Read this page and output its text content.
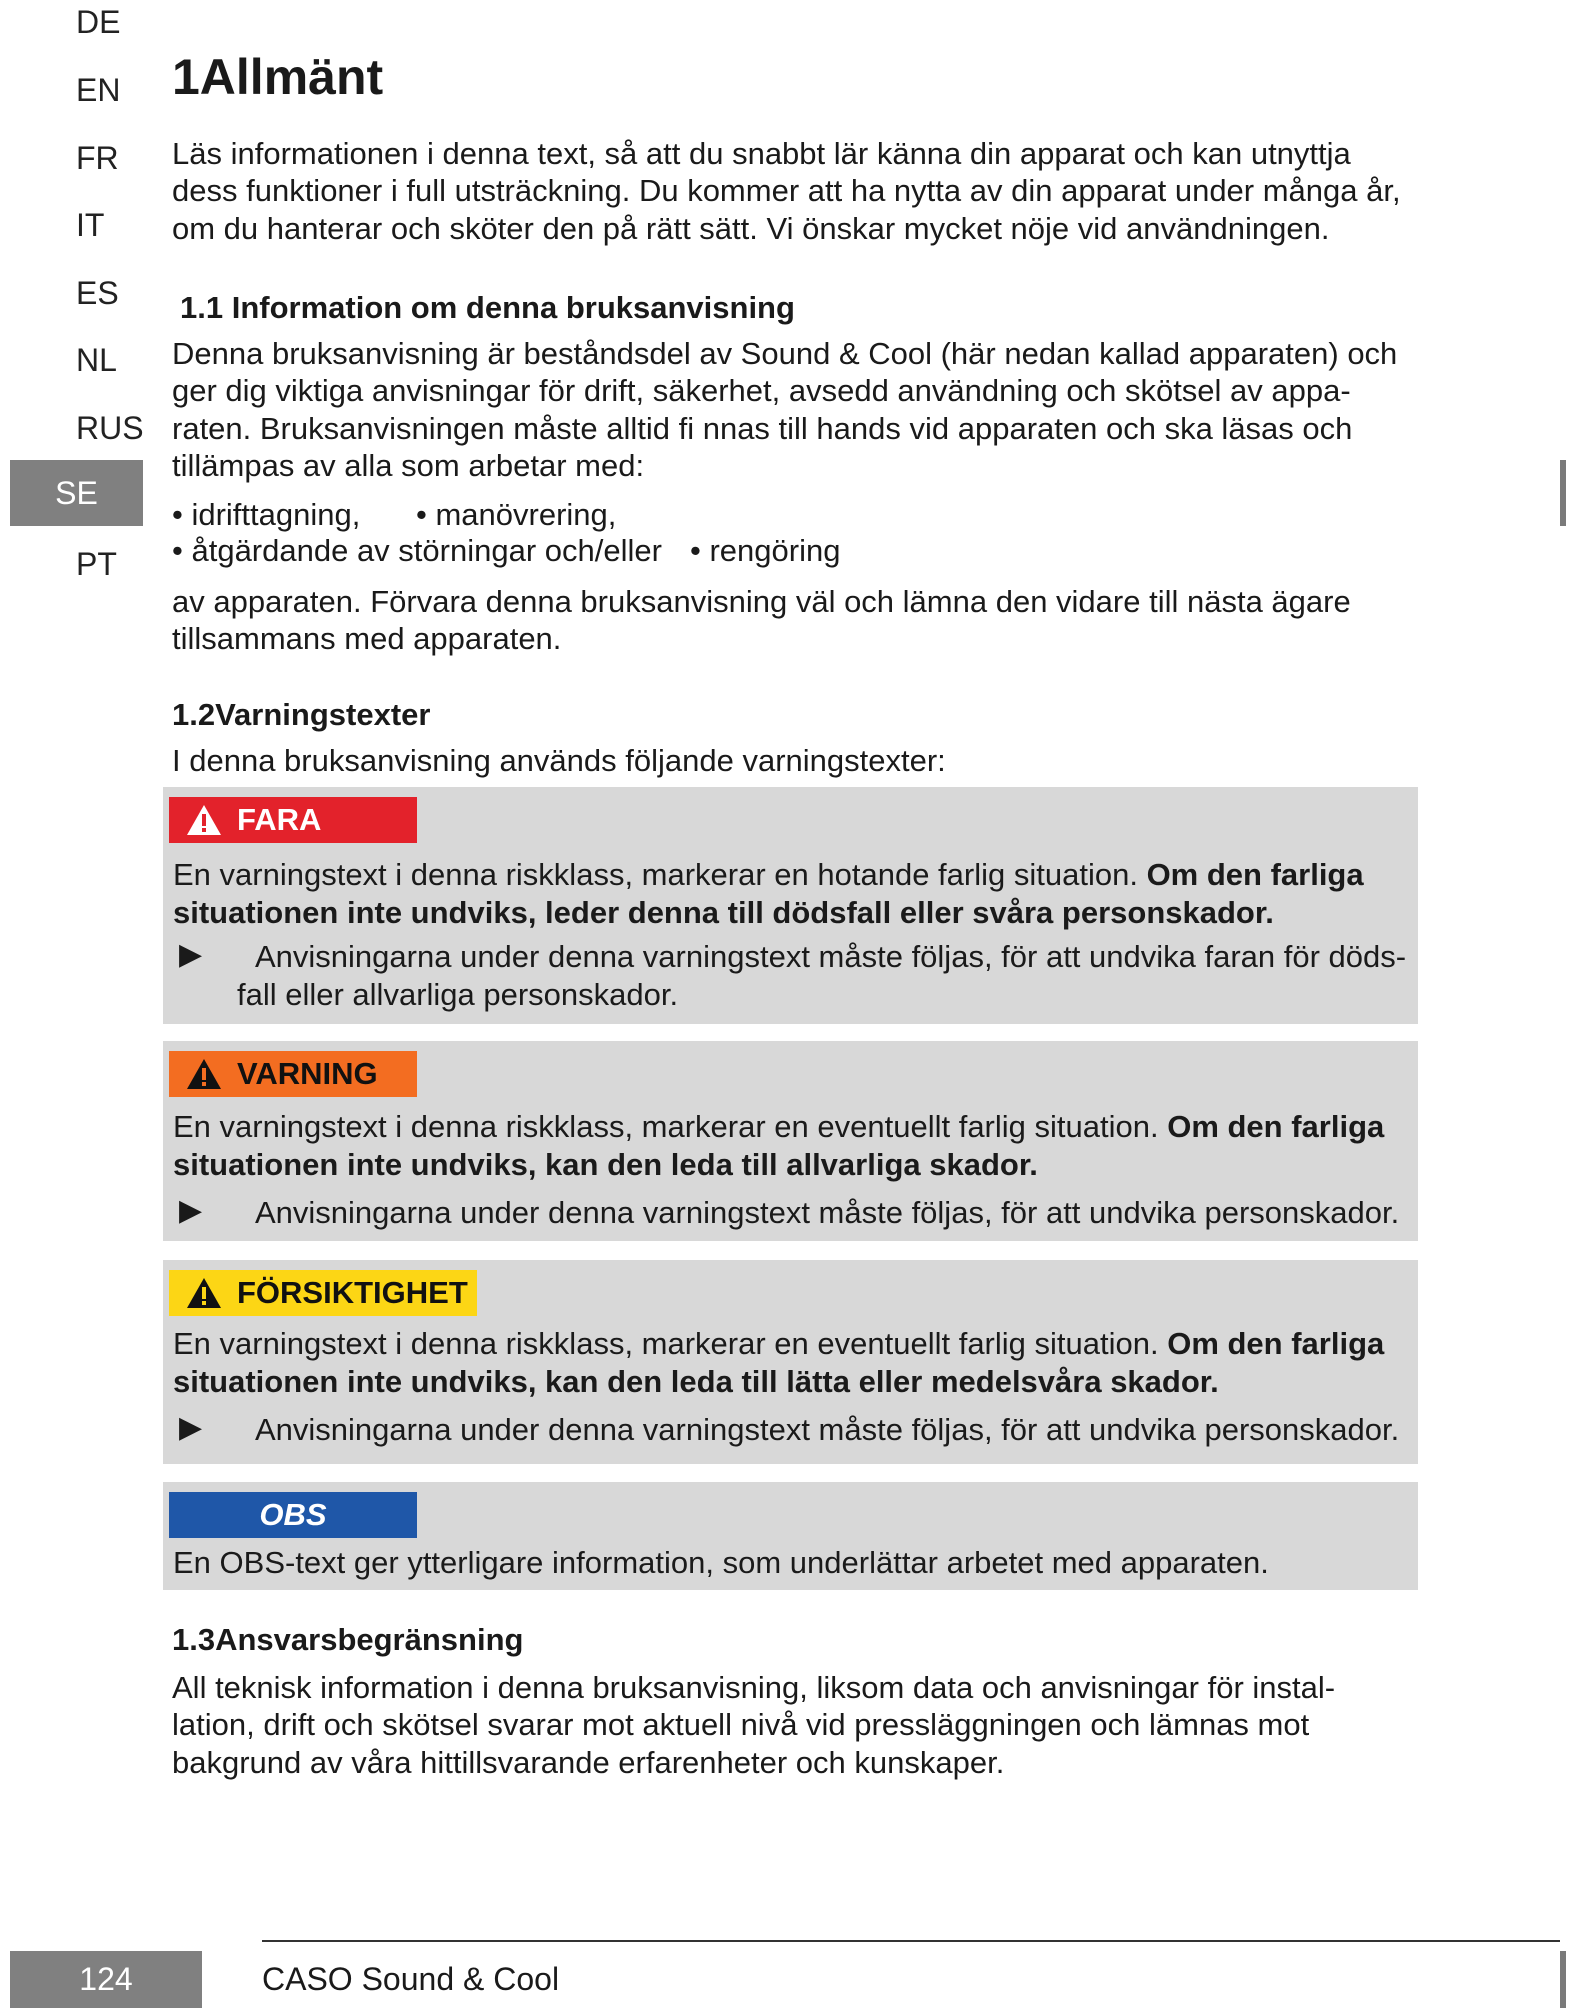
DE
EN
FR
IT
ES
NL
RUS
SE
PT
1Allmänt
Läs informationen i denna text, så att du snabbt lär känna din apparat och kan utnyttja
dess funktioner i full utsträckning. Du kommer att ha nytta av din apparat under många år,
om du hanterar och sköter den på rätt sätt. Vi önskar mycket nöje vid användningen.
1.1 Information om denna bruksanvisning
Denna bruksanvisning är beståndsdel av Sound & Cool (här nedan kallad apparaten) och
ger dig viktiga anvisningar för drift, säkerhet, avsedd användning och skötsel av appa-
raten. Bruksanvisningen måste alltid fi nnas till hands vid apparaten och ska läsas och
tillämpas av alla som arbetar med:
• idrifttagning, • manövrering,
• åtgärdande av störningar och/eller • rengöring
av apparaten. Förvara denna bruksanvisning väl och lämna den vidare till nästa ägare
tillsammans med apparaten.
1.2Varningstexter
I denna bruksanvisning används följande varningstexter:
FARA
En varningstext i denna riskklass, markerar en hotande farlig situation. Om den farliga
situationen inte undviks, leder denna till dödsfall eller svåra personskador.
▶ Anvisningarna under denna varningstext måste följas, för att undvika faran för döds-
fall eller allvarliga personskador.
VARNING
En varningstext i denna riskklass, markerar en eventuellt farlig situation. Om den farliga
situationen inte undviks, kan den leda till allvarliga skador.
▶ Anvisningarna under denna varningstext måste följas, för att undvika personskador.
FÖRSIKTIGHET
En varningstext i denna riskklass, markerar en eventuellt farlig situation. Om den farliga
situationen inte undviks, kan den leda till lätta eller medelsvåra skador.
▶ Anvisningarna under denna varningstext måste följas, för att undvika personskador.
OBS
En OBS-text ger ytterligare information, som underlättar arbetet med apparaten.
1.3Ansvarsbegränsning
All teknisk information i denna bruksanvisning, liksom data och anvisningar för instal-
lation, drift och skötsel svarar mot aktuell nivå vid pressläggningen och lämnas mot
bakgrund av våra hittillsvarande erfarenheter och kunskaper.
124	CASO Sound & Cool
